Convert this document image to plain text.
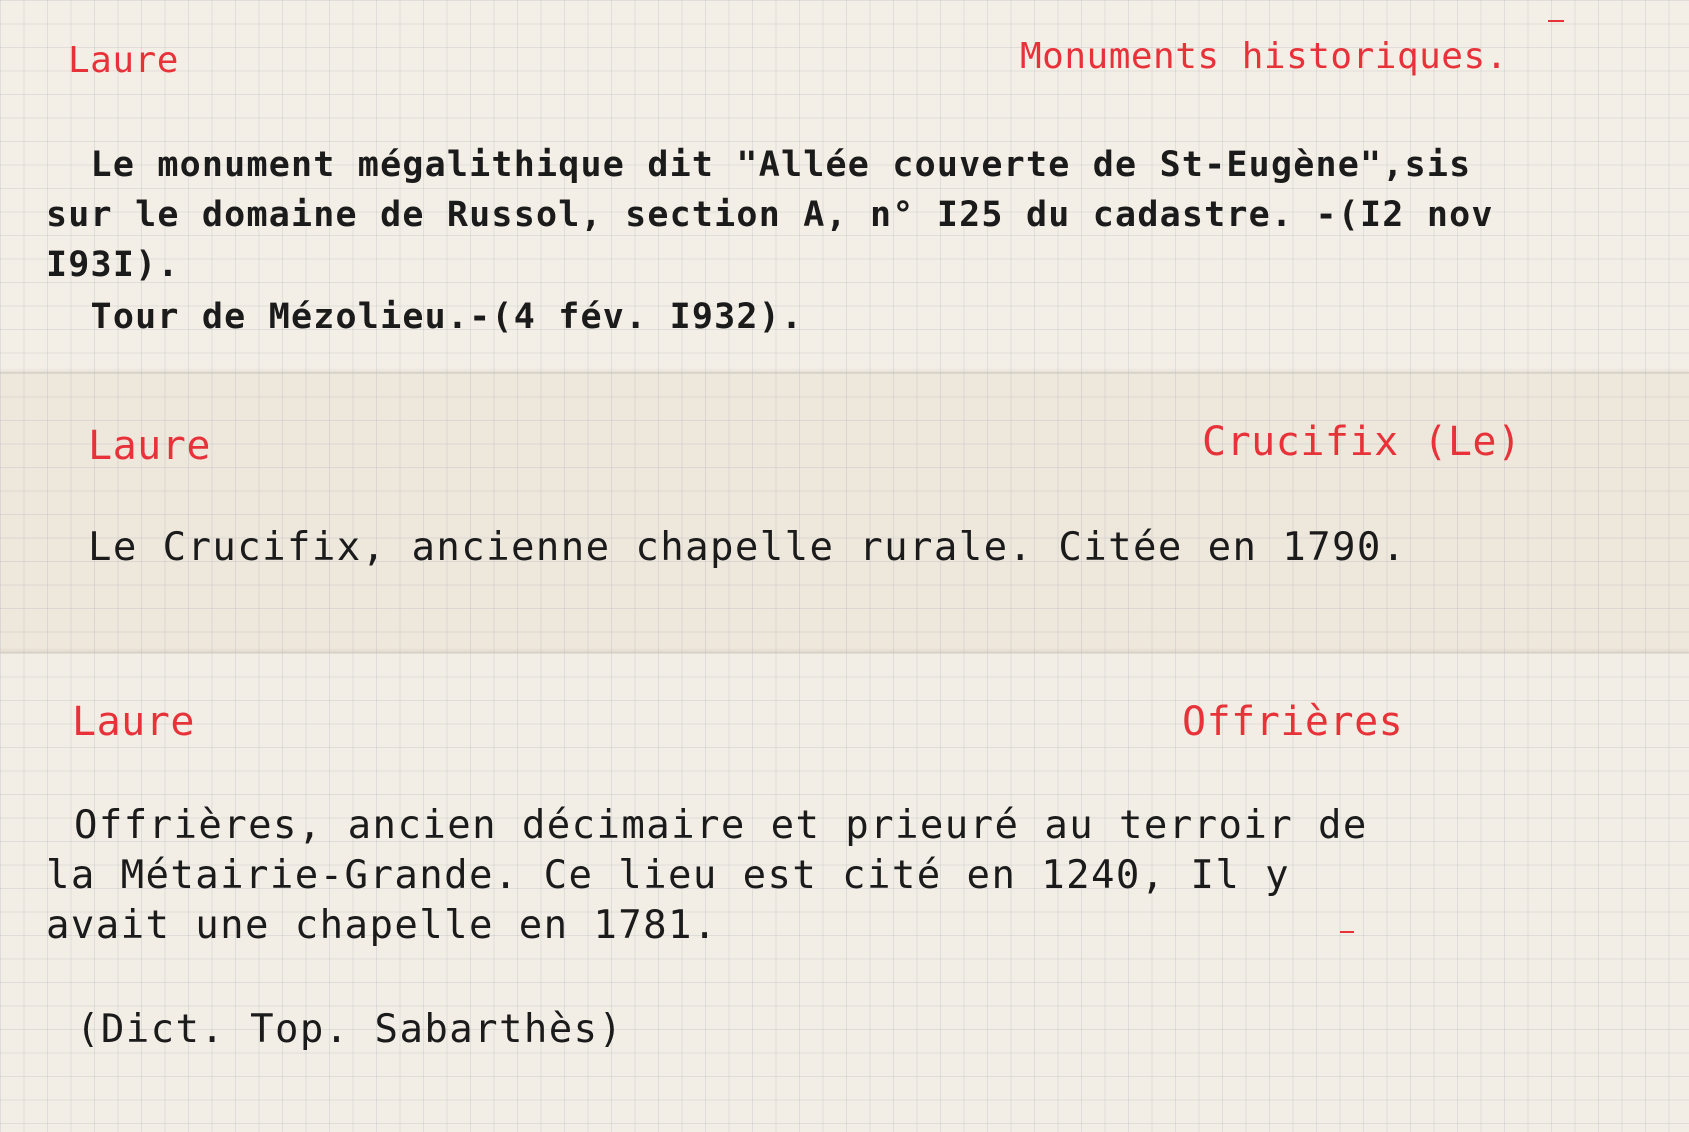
Laure	Monuments historiques.
Le monument mégalithique dit "Allée couverte de St-Eugène",sis
sur le domaine de Russol, section A, n° I25 du cadastre. -(I2 nov
I93I).
Tour de Mézolieu.-(4 fév. I932).
Laure	Crucifix (Le)
Le Crucifix, ancienne chapelle rurale. Citée en 1790.
Laure	Offrières
Offrières, ancien décimaire et prieuré au terroir de
la Métairie-Grande. Ce lieu est cité en 1240, Il y
avait une chapelle en 1781.
(Dict. Top. Sabarthès)
